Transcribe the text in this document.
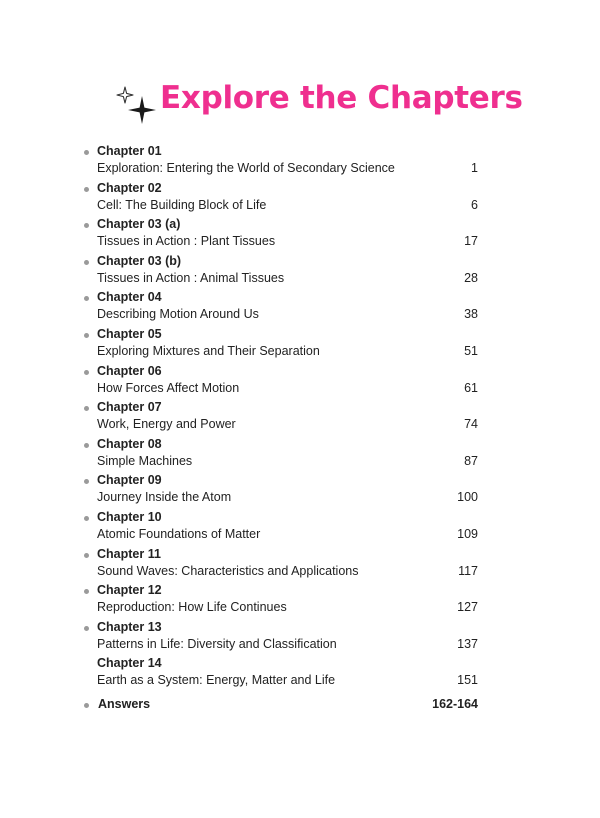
Explore the Chapters
Chapter 01
Exploration: Entering the World of Secondary Science	1
Chapter 02
Cell: The Building Block of Life	6
Chapter 03 (a)
Tissues in Action : Plant Tissues	17
Chapter 03 (b)
Tissues in Action : Animal Tissues	28
Chapter 04
Describing Motion Around Us	38
Chapter 05
Exploring Mixtures and Their Separation	51
Chapter 06
How Forces Affect Motion	61
Chapter 07
Work, Energy and Power	74
Chapter 08
Simple Machines	87
Chapter 09
Journey Inside the Atom	100
Chapter 10
Atomic Foundations of Matter	109
Chapter 11
Sound Waves: Characteristics and Applications	117
Chapter 12
Reproduction: How Life Continues	127
Chapter 13
Patterns in Life: Diversity and Classification	137
Chapter 14
Earth as a System: Energy, Matter and Life	151
Answers	162-164
